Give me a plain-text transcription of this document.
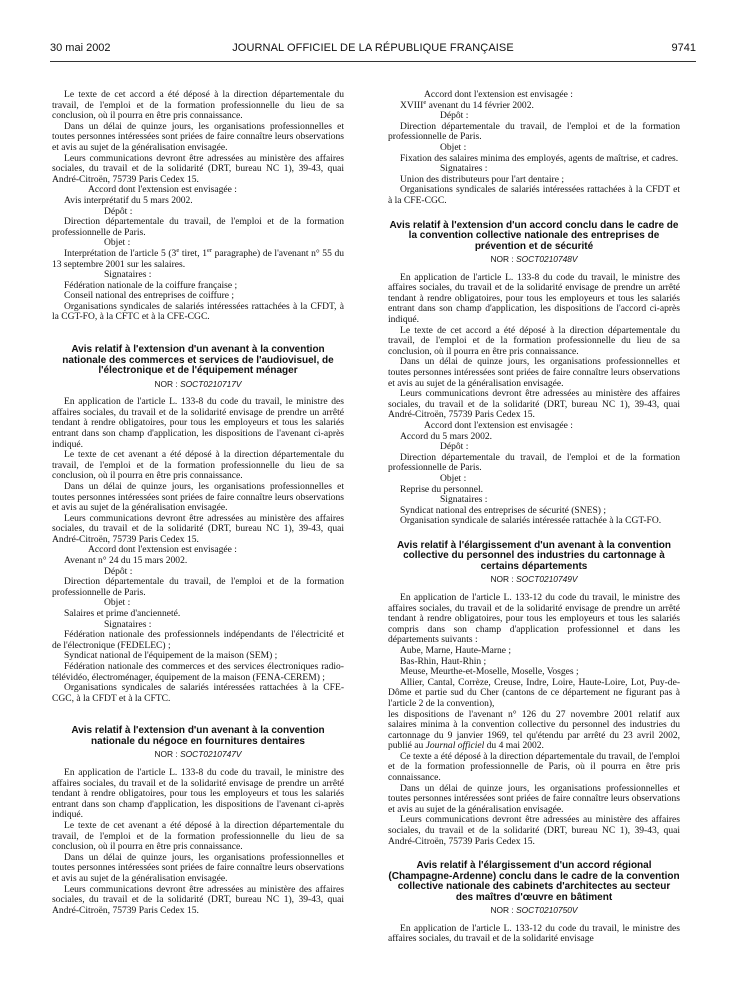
30 mai 2002	JOURNAL OFFICIEL DE LA RÉPUBLIQUE FRANÇAISE	9741

Le texte de cet accord a été déposé à la direction départementale du travail, de l'emploi et de la formation professionnelle du lieu de sa conclusion, où il pourra en être pris connaissance.

Dans un délai de quinze jours, les organisations professionnelles et toutes personnes intéressées sont priées de faire connaître leurs observations et avis au sujet de la généralisation envisagée.

Leurs communications devront être adressées au ministère des affaires sociales, du travail et de la solidarité (DRT, bureau NC 1), 39-43, quai André-Citroën, 75739 Paris Cedex 15.

Accord dont l'extension est envisagée :

Avis interprétatif du 5 mars 2002.

Dépôt :

Direction départementale du travail, de l'emploi et de la formation professionnelle de Paris.

Objet :

Interprétation de l'article 5 (3e tiret, 1er paragraphe) de l'avenant n° 55 du 13 septembre 2001 sur les salaires.

Signataires :

Fédération nationale de la coiffure française ;

Conseil national des entreprises de coiffure ;

Organisations syndicales de salariés intéressées rattachées à la CFDT, à la CGT-FO, à la CFTC et à la CFE-CGC.

Avis relatif à l'extension d'un avenant à la convention nationale des commerces et services de l'audiovisuel, de l'électronique et de l'équipement ménager
NOR : SOCT0210717V

En application de l'article L. 133-8 du code du travail, le ministre des affaires sociales, du travail et de la solidarité envisage de prendre un arrêté tendant à rendre obligatoires, pour tous les employeurs et tous les salariés entrant dans son champ d'application, les dispositions de l'avenant ci-après indiqué.

Le texte de cet avenant a été déposé à la direction départementale du travail, de l'emploi et de la formation professionnelle du lieu de sa conclusion, où il pourra en être pris connaissance.

Dans un délai de quinze jours, les organisations professionnelles et toutes personnes intéressées sont priées de faire connaître leurs observations et avis au sujet de la généralisation envisagée.

Leurs communications devront être adressées au ministère des affaires sociales, du travail et de la solidarité (DRT, bureau NC 1), 39-43, quai André-Citroën, 75739 Paris Cedex 15.

Accord dont l'extension est envisagée :

Avenant n° 24 du 15 mars 2002.

Dépôt :

Direction départementale du travail, de l'emploi et de la formation professionnelle de Paris.

Objet :

Salaires et prime d'ancienneté.

Signataires :

Fédération nationale des professionnels indépendants de l'électricité et de l'électronique (FEDELEC) ;

Syndicat national de l'équipement de la maison (SEM) ;

Fédération nationale des commerces et des services électroniques radio-télévidéo, électroménager, équipement de la maison (FENA-CEREM) ;

Organisations syndicales de salariés intéressées rattachées à la CFE-CGC, à la CFDT et à la CFTC.

Avis relatif à l'extension d'un avenant à la convention nationale du négoce en fournitures dentaires
NOR : SOCT0210747V

En application de l'article L. 133-8 du code du travail, le ministre des affaires sociales, du travail et de la solidarité envisage de prendre un arrêté tendant à rendre obligatoires, pour tous les employeurs et tous les salariés entrant dans son champ d'application, les dispositions de l'avenant ci-après indiqué.

Le texte de cet avenant a été déposé à la direction départementale du travail, de l'emploi et de la formation professionnelle du lieu de sa conclusion, où il pourra en être pris connaissance.

Dans un délai de quinze jours, les organisations professionnelles et toutes personnes intéressées sont priées de faire connaître leurs observations et avis au sujet de la généralisation envisagée.

Leurs communications devront être adressées au ministère des affaires sociales, du travail et de la solidarité (DRT, bureau NC 1), 39-43, quai André-Citroën, 75739 Paris Cedex 15.

Accord dont l'extension est envisagée :

XVIIIe avenant du 14 février 2002.

Dépôt :

Direction départementale du travail, de l'emploi et de la formation professionnelle de Paris.

Objet :

Fixation des salaires minima des employés, agents de maîtrise, et cadres.

Signataires :

Union des distributeurs pour l'art dentaire ;

Organisations syndicales de salariés intéressées rattachées à la CFDT et à la CFE-CGC.

Avis relatif à l'extension d'un accord conclu dans le cadre de la convention collective nationale des entreprises de prévention et de sécurité
NOR : SOCT0210748V

En application de l'article L. 133-8 du code du travail, le ministre des affaires sociales, du travail et de la solidarité envisage de prendre un arrêté tendant à rendre obligatoires, pour tous les employeurs et tous les salariés entrant dans son champ d'application, les dispositions de l'accord ci-après indiqué.

Le texte de cet accord a été déposé à la direction départementale du travail, de l'emploi et de la formation professionnelle du lieu de sa conclusion, où il pourra en être pris connaissance.

Dans un délai de quinze jours, les organisations professionnelles et toutes personnes intéressées sont priées de faire connaître leurs observations et avis au sujet de la généralisation envisagée.

Leurs communications devront être adressées au ministère des affaires sociales, du travail et de la solidarité (DRT, bureau NC 1), 39-43, quai André-Citroën, 75739 Paris Cedex 15.

Accord dont l'extension est envisagée :

Accord du 5 mars 2002.

Dépôt :

Direction départementale du travail, de l'emploi et de la formation professionnelle de Paris.

Objet :

Reprise du personnel.

Signataires :

Syndicat national des entreprises de sécurité (SNES) ;

Organisation syndicale de salariés intéressée rattachée à la CGT-FO.

Avis relatif à l'élargissement d'un avenant à la convention collective du personnel des industries du cartonnage à certains départements
NOR : SOCT0210749V

En application de l'article L. 133-12 du code du travail, le ministre des affaires sociales, du travail et de la solidarité envisage de prendre un arrêté tendant à rendre obligatoires, pour tous les employeurs et tous les salariés compris dans son champ d'application professionnel et dans les départements suivants :

Aube, Marne, Haute-Marne ;

Bas-Rhin, Haut-Rhin ;

Meuse, Meurthe-et-Moselle, Moselle, Vosges ;

Allier, Cantal, Corrèze, Creuse, Indre, Loire, Haute-Loire, Lot, Puy-de-Dôme et partie sud du Cher (cantons de ce département ne figurant pas à l'article 2 de la convention),

les dispositions de l'avenant n° 126 du 27 novembre 2001 relatif aux salaires minima à la convention collective du personnel des industries du cartonnage du 9 janvier 1969, tel qu'étendu par arrêté du 23 avril 2002, publié au Journal officiel du 4 mai 2002.

Ce texte a été déposé à la direction départementale du travail, de l'emploi et de la formation professionnelle de Paris, où il pourra en être pris connaissance.

Dans un délai de quinze jours, les organisations professionnelles et toutes personnes intéressées sont priées de faire connaître leurs observations et avis au sujet de la généralisation envisagée.

Leurs communications devront être adressées au ministère des affaires sociales, du travail et de la solidarité (DRT, bureau NC 1), 39-43, quai André-Citroën, 75739 Paris Cedex 15.

Avis relatif à l'élargissement d'un accord régional (Champagne-Ardenne) conclu dans le cadre de la convention collective nationale des cabinets d'architectes au secteur des maîtres d'œuvre en bâtiment
NOR : SOCT0210750V

En application de l'article L. 133-12 du code du travail, le ministre des affaires sociales, du travail et de la solidarité envisage
